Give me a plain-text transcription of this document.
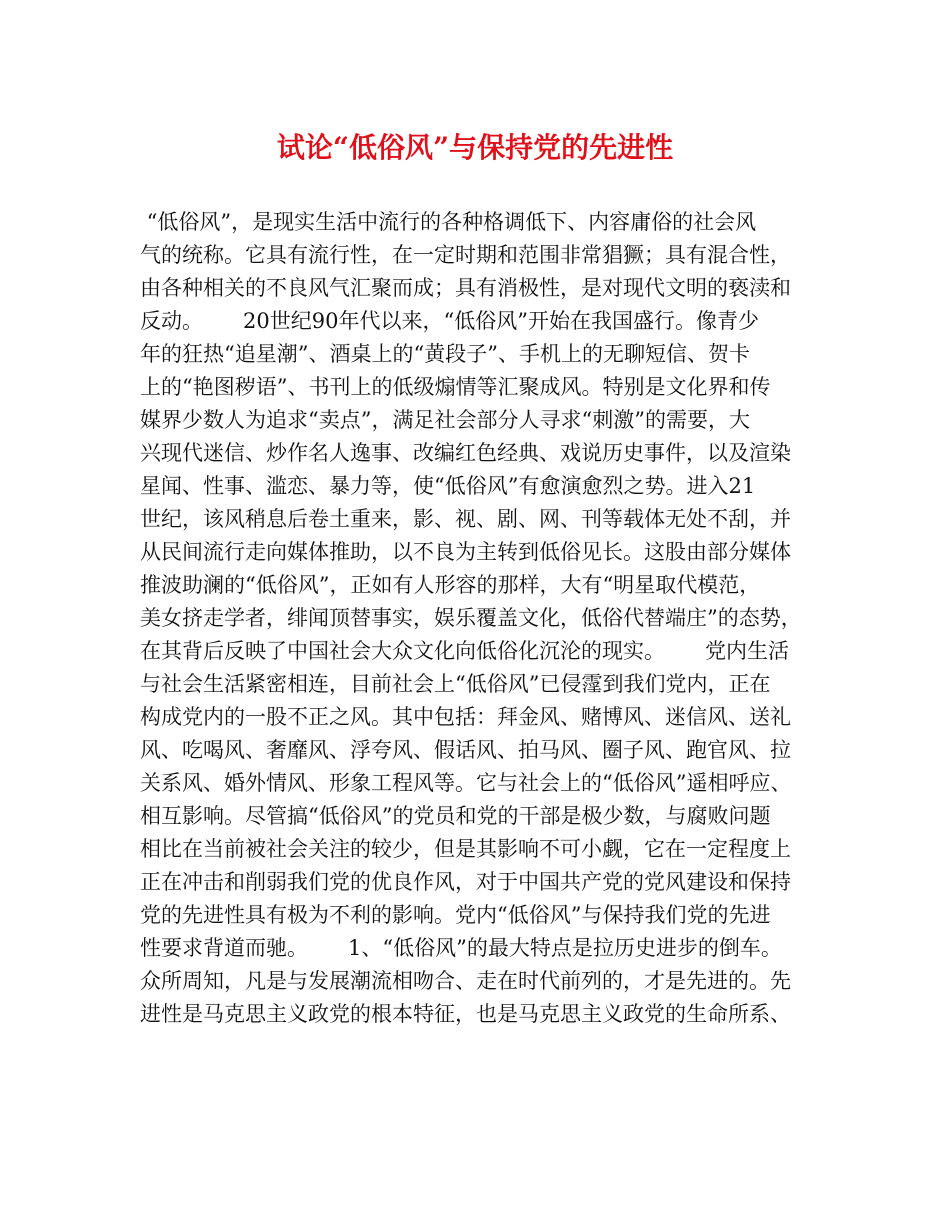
试论“低俗风”与保持党的先进性
“低俗风”，是现实生活中流行的各种格调低下、内容庸俗的社会风
气的统称。它具有流行性，在一定时期和范围非常猖獗；具有混合性，
由各种相关的不良风气汇聚而成；具有消极性，是对现代文明的亵渎和
反动。      20世纪90年代以来，“低俗风”开始在我国盛行。像青少
年的狂热“追星潮”、酒桌上的“黄段子”、手机上的无聊短信、贺卡
上的“艳图秽语”、书刊上的低级煽情等汇聚成风。特别是文化界和传
媒界少数人为追求“卖点”，满足社会部分人寻求“刺激”的需要，大
兴现代迷信、炒作名人逸事、改编红色经典、戏说历史事件，以及渲染
星闻、性事、滥恋、暴力等，使“低俗风”有愈演愈烈之势。进入21
世纪，该风稍息后卷土重来，影、视、剧、网、刊等载体无处不刮，并
从民间流行走向媒体推助，以不良为主转到低俗见长。这股由部分媒体
推波助澜的“低俗风”，正如有人形容的那样，大有“明星取代模范，
美女挤走学者，绯闻顶替事实，娱乐覆盖文化，低俗代替端庄”的态势，
在其背后反映了中国社会大众文化向低俗化沉沦的现实。      党内生活
与社会生活紧密相连，目前社会上“低俗风”已侵霪到我们党内，正在
构成党内的一股不正之风。其中包括：拜金风、赌博风、迷信风、送礼
风、吃喝风、奢靡风、浮夸风、假话风、拍马风、圈子风、跑官风、拉
关系风、婚外情风、形象工程风等。它与社会上的“低俗风”遥相呼应、
相互影响。尽管搞“低俗风”的党员和党的干部是极少数，与腐败问题
相比在当前被社会关注的较少，但是其影响不可小觑，它在一定程度上
正在冲击和削弱我们党的优良作风，对于中国共产党的党风建设和保持
党的先进性具有极为不利的影响。党内“低俗风”与保持我们党的先进
性要求背道而驰。      1、“低俗风”的最大特点是拉历史进步的倒车。
众所周知，凡是与发展潮流相吻合、走在时代前列的，才是先进的。先
进性是马克思主义政党的根本特征，也是马克思主义政党的生命所系、
